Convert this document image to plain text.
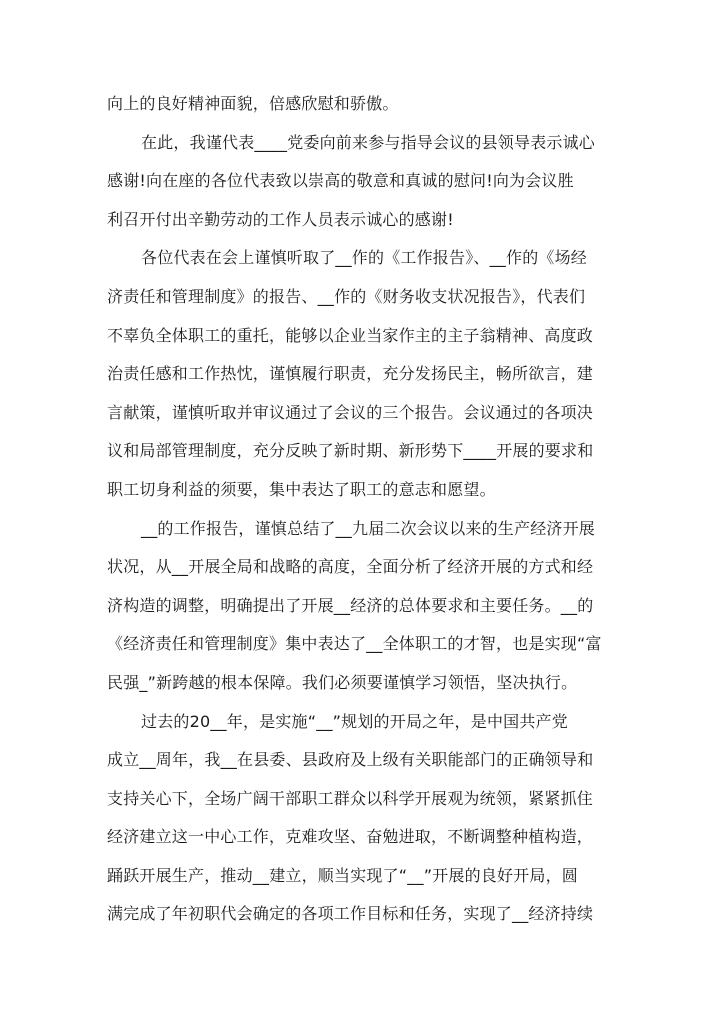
向上的良好精神面貌，倍感欣慰和骄傲。
在此，我谨代表____党委向前来参与指导会议的县领导表示诚心
感谢!向在座的各位代表致以崇高的敬意和真诚的慰问!向为会议胜
利召开付出辛勤劳动的工作人员表示诚心的感谢!
各位代表在会上谨慎听取了__作的《工作报告》、__作的《场经
济责任和管理制度》的报告、__作的《财务收支状况报告》，代表们
不辜负全体职工的重托，能够以企业当家作主的主子翁精神、高度政
治责任感和工作热忱，谨慎履行职责，充分发扬民主，畅所欲言，建
言献策，谨慎听取并审议通过了会议的三个报告。会议通过的各项决
议和局部管理制度，充分反映了新时期、新形势下____开展的要求和
职工切身利益的须要，集中表达了职工的意志和愿望。
__的工作报告，谨慎总结了__九届二次会议以来的生产经济开展
状况，从__开展全局和战略的高度，全面分析了经济开展的方式和经
济构造的调整，明确提出了开展__经济的总体要求和主要任务。__的
《经济责任和管理制度》集中表达了__全体职工的才智，也是实现“富
民强_”新跨越的根本保障。我们必须要谨慎学习领悟，坚决执行。
过去的20__年，是实施“__”规划的开局之年，是中国共产党
成立__周年，我__在县委、县政府及上级有关职能部门的正确领导和
支持关心下，全场广阔干部职工群众以科学开展观为统领，紧紧抓住
经济建立这一中心工作，克难攻坚、奋勉进取，不断调整种植构造，
踊跃开展生产，推动__建立，顺当实现了“__”开展的良好开局，圆
满完成了年初职代会确定的各项工作目标和任务，实现了__经济持续
